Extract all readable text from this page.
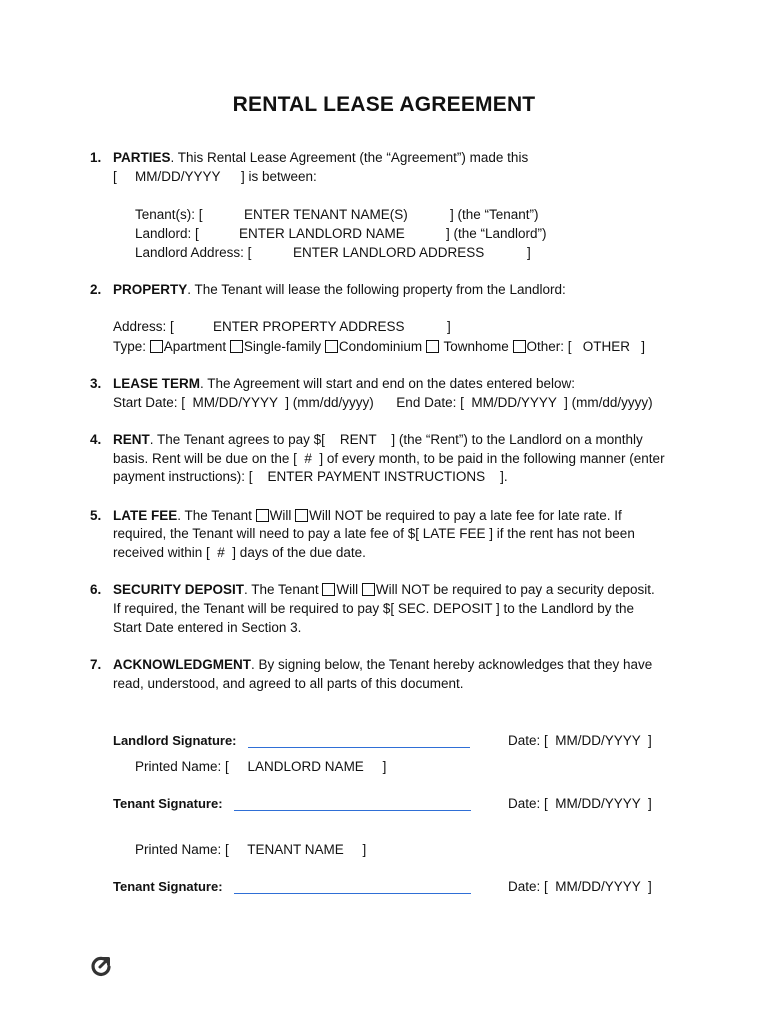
RENTAL LEASE AGREEMENT
1. PARTIES. This Rental Lease Agreement (the “Agreement”) made this
[ MM/DD/YYYY ] is between:
Tenant(s): [	ENTER TENANT NAME(S)	] (the “Tenant”)
Landlord: [	ENTER LANDLORD NAME	] (the “Landlord”)
Landlord Address: [	ENTER LANDLORD ADDRESS	]
2. PROPERTY. The Tenant will lease the following property from the Landlord:
Address: [	ENTER PROPERTY ADDRESS	]
Type: Apartment Single-family Condominium  Townhome Other: [   OTHER   ]
3. LEASE TERM. The Agreement will start and end on the dates entered below:
Start Date: [  MM/DD/YYYY  ] (mm/dd/yyyy)      End Date: [  MM/DD/YYYY  ] (mm/dd/yyyy)
4. RENT. The Tenant agrees to pay $[    RENT    ] (the “Rent”) to the Landlord on a monthly
basis. Rent will be due on the [  #  ] of every month, to be paid in the following manner (enter
payment instructions): [    ENTER PAYMENT INSTRUCTIONS    ].
5. LATE FEE. The Tenant Will Will NOT be required to pay a late fee for late rate. If
required, the Tenant will need to pay a late fee of $[ LATE FEE ] if the rent has not been
received within [  #  ] days of the due date.
6. SECURITY DEPOSIT. The Tenant Will Will NOT be required to pay a security deposit.
If required, the Tenant will be required to pay $[ SEC. DEPOSIT ] to the Landlord by the
Start Date entered in Section 3.
7. ACKNOWLEDGMENT. By signing below, the Tenant hereby acknowledges that they have
read, understood, and agreed to all parts of this document.
Landlord Signature:	Date: [  MM/DD/YYYY  ]
Printed Name: [     LANDLORD NAME     ]
Tenant Signature:	Date: [  MM/DD/YYYY  ]
Printed Name: [     TENANT NAME     ]
Tenant Signature:	Date: [  MM/DD/YYYY  ]
